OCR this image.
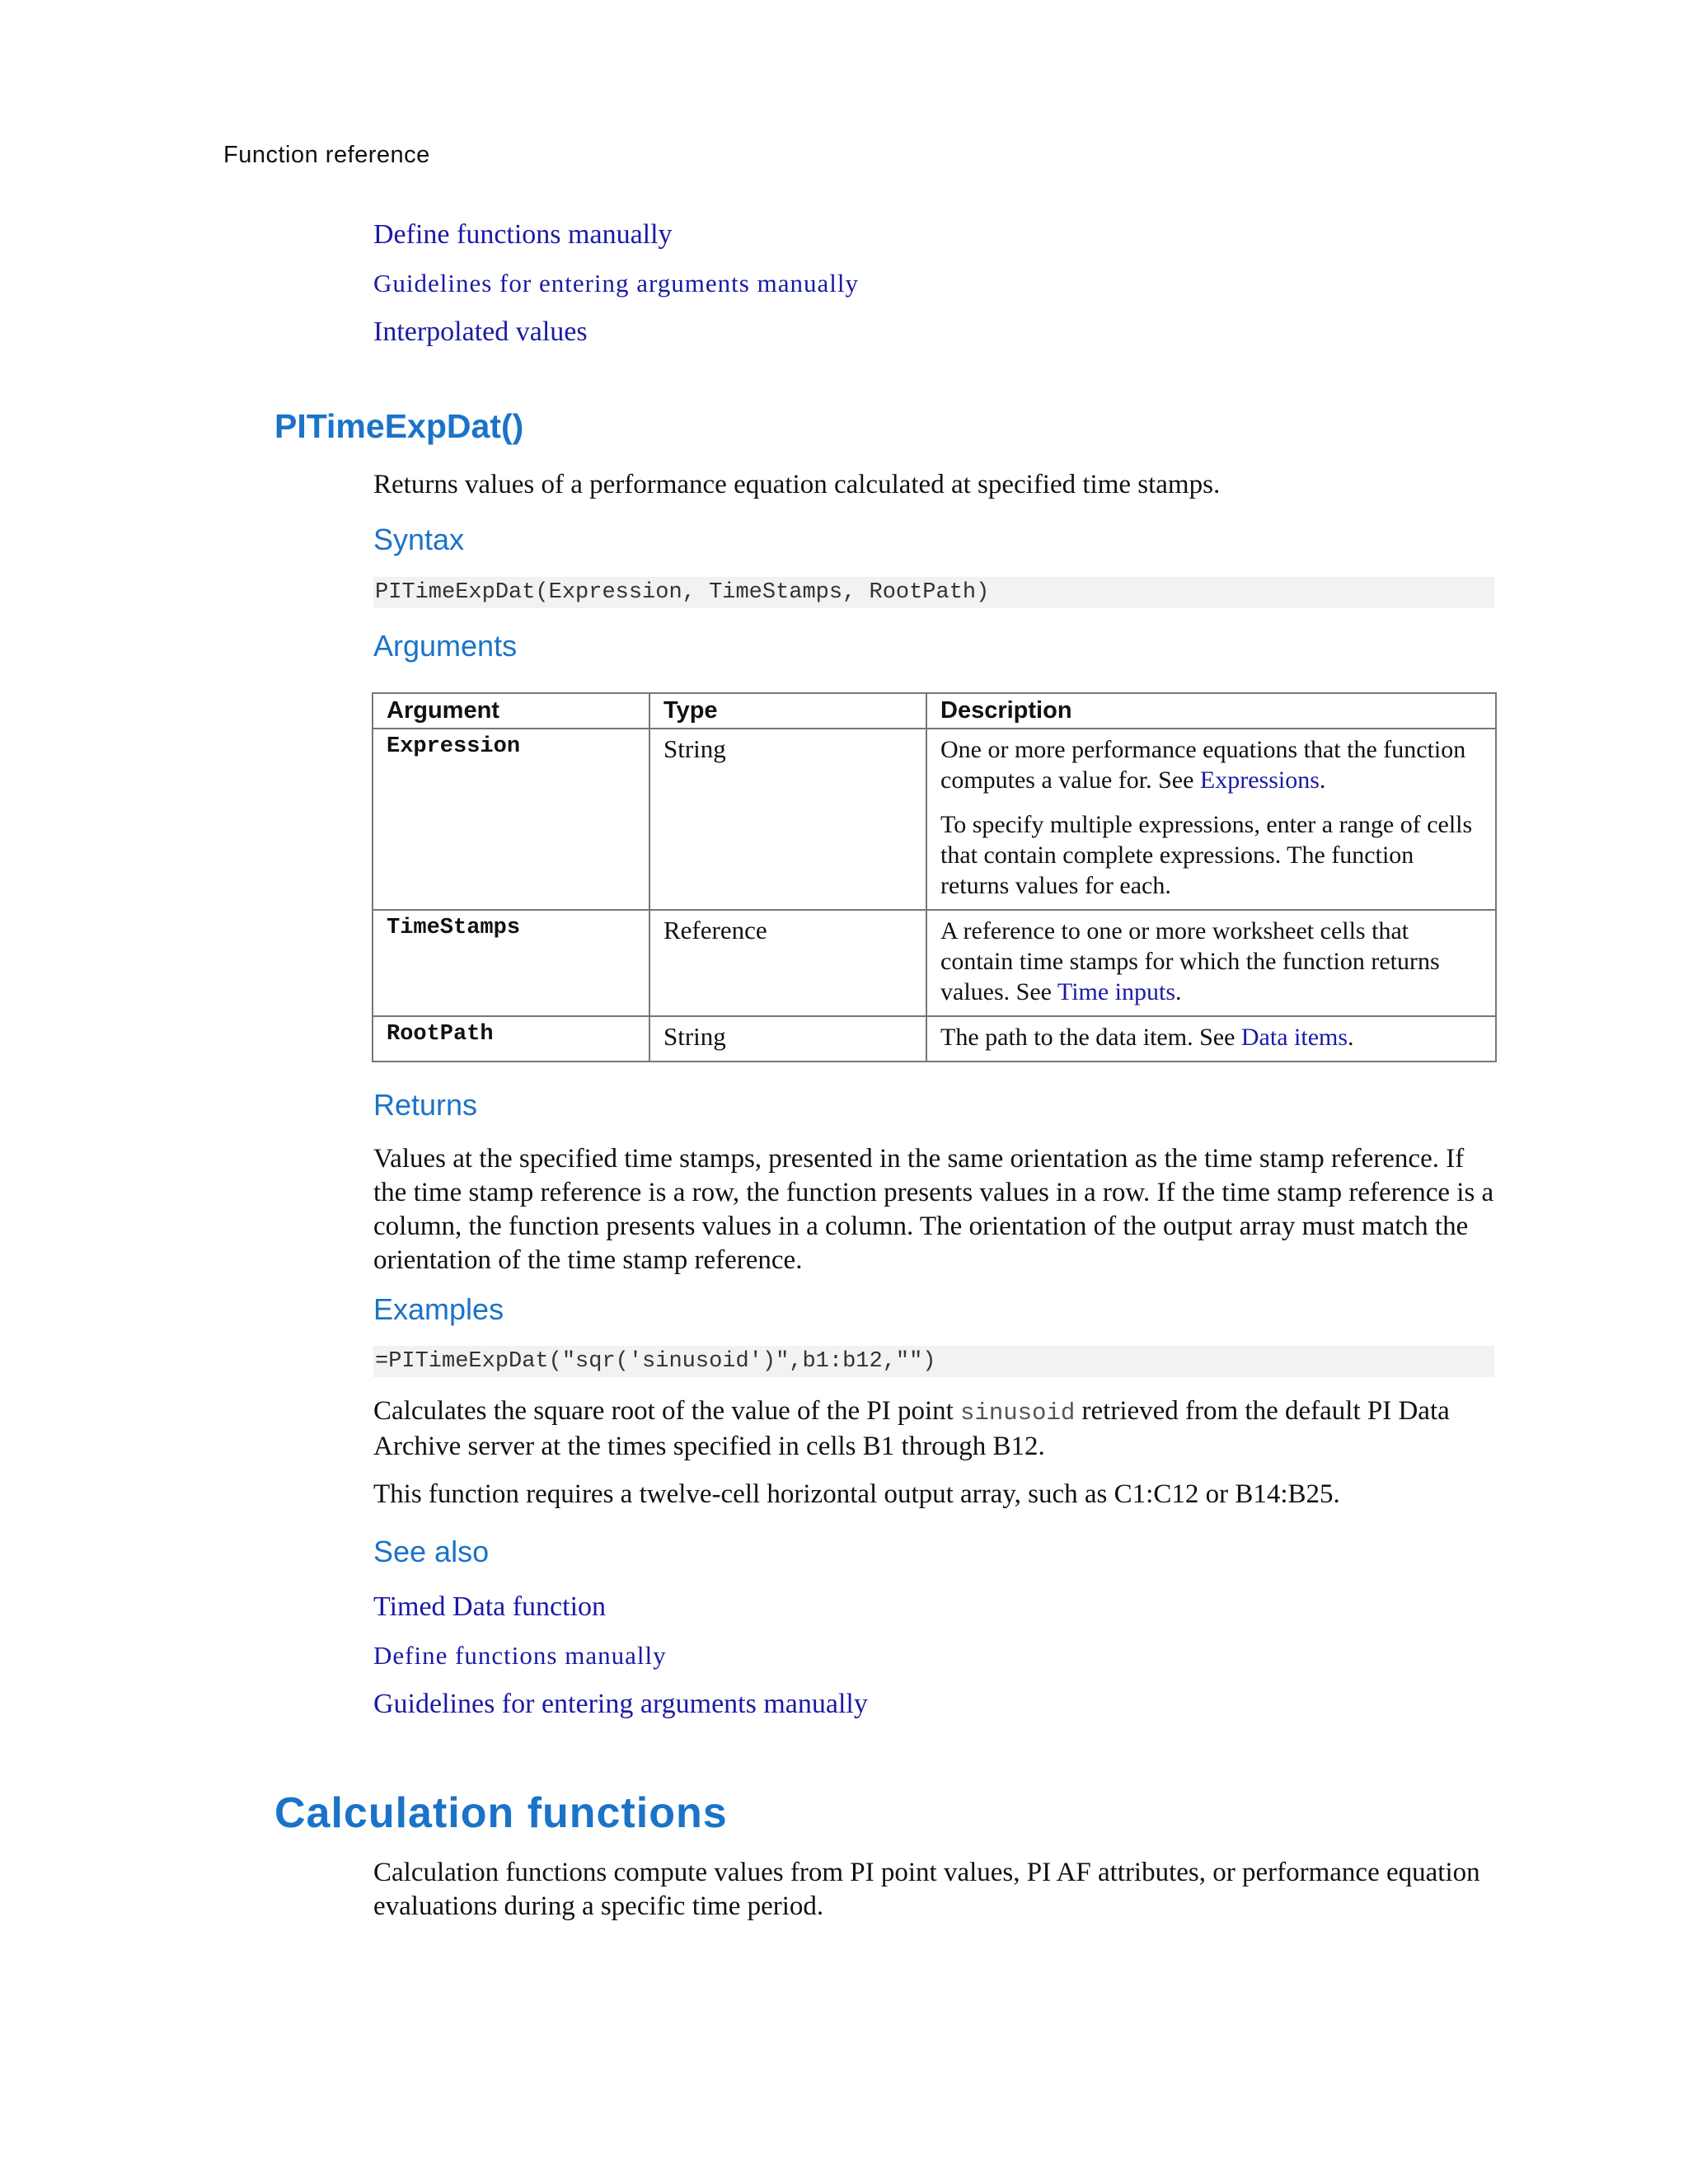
Function reference
Define functions manually
Guidelines for entering arguments manually
Interpolated values
PITimeExpDat()

Returns values of a performance equation calculated at specified time stamps.

Syntax
PITimeExpDat(Expression, TimeStamps, RootPath)
Arguments
Argument	Type	Description
Expression	String	One or more performance equations that the function computes a value for. See Expressions.

To specify multiple expressions, enter a range of cells that contain complete expressions. The function returns values for each.

TimeStamps	Reference	A reference to one or more worksheet cells that contain time stamps for which the function returns values. See Time inputs.

RootPath	String	The path to the data item. See Data items.

Returns

Values at the specified time stamps, presented in the same orientation as the time stamp reference. If the time stamp reference is a row, the function presents values in a row. If the time stamp reference is a column, the function presents values in a column. The orientation of the output array must match the orientation of the time stamp reference.

Examples
=PITimeExpDat("sqr('sinusoid')",b1:b12,"")

Calculates the square root of the value of the PI point sinusoid retrieved from the default PI Data Archive server at the times specified in cells B1 through B12.

This function requires a twelve-cell horizontal output array, such as C1:C12 or B14:B25.

See also
Timed Data function
Define functions manually
Guidelines for entering arguments manually
Calculation functions

Calculation functions compute values from PI point values, PI AF attributes, or performance equation evaluations during a specific time period.
